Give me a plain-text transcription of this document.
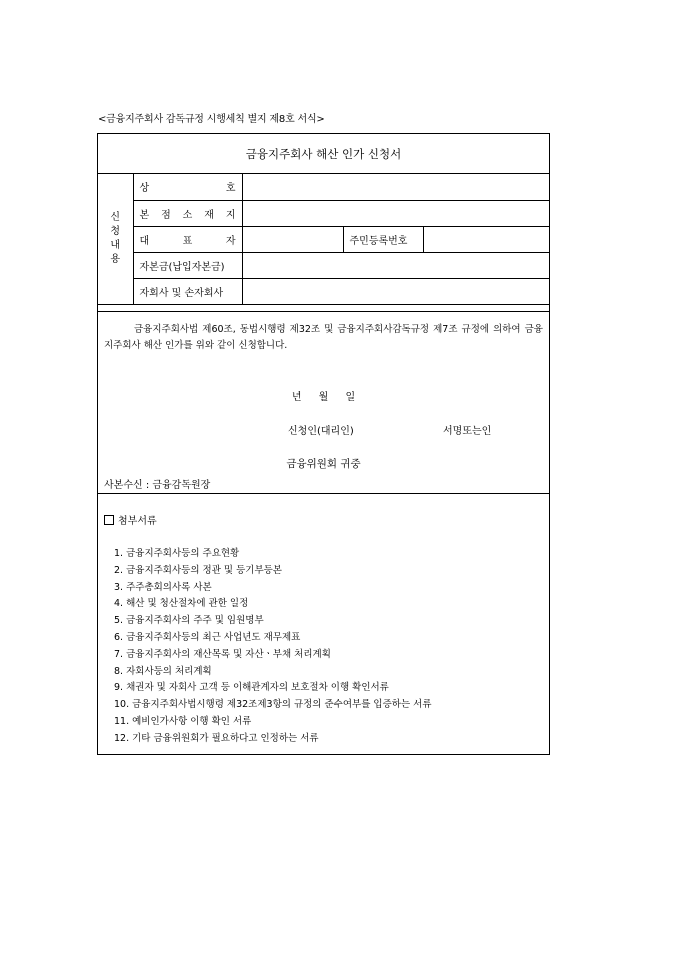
<금융지주회사 감독규정 시행세칙 별지 제8호 서식>
금융지주회사 해산 인가 신청서
신
청
내
용	상 호			

	본 점 소 재 지			

	대 표 자		주민등록번호	
	자본금(납입자본금)			
	자회사 및 손자회사			
금융지주회사법 제60조, 동법시행령 제32조 및 금융지주회사감독규정 제7조 규정에 의하여 금융지주회사 해산 인가를 위와 같이 신청합니다.
년 월 일
신청인(대리인)	서명또는인
금융위원회 귀중
사본수신 : 금융감독원장
첨부서류
1. 금융지주회사등의 주요현황
2. 금융지주회사등의 정관 및 등기부등본
3. 주주총회의사록 사본
4. 해산 및 청산절차에 관한 일정
5. 금융지주회사의 주주 및 임원명부
6. 금융지주회사등의 최근 사업년도 재무제표
7. 금융지주회사의 재산목록 및 자산ㆍ부채 처리계획
8. 자회사등의 처리계획
9. 채권자 및 자회사 고객 등 이해관계자의 보호절차 이행 확인서류
10. 금융지주회사법시행령 제32조제3항의 규정의 준수여부를 입증하는 서류
11. 예비인가사항 이행 확인 서류
12. 기타 금융위원회가 필요하다고 인정하는 서류
